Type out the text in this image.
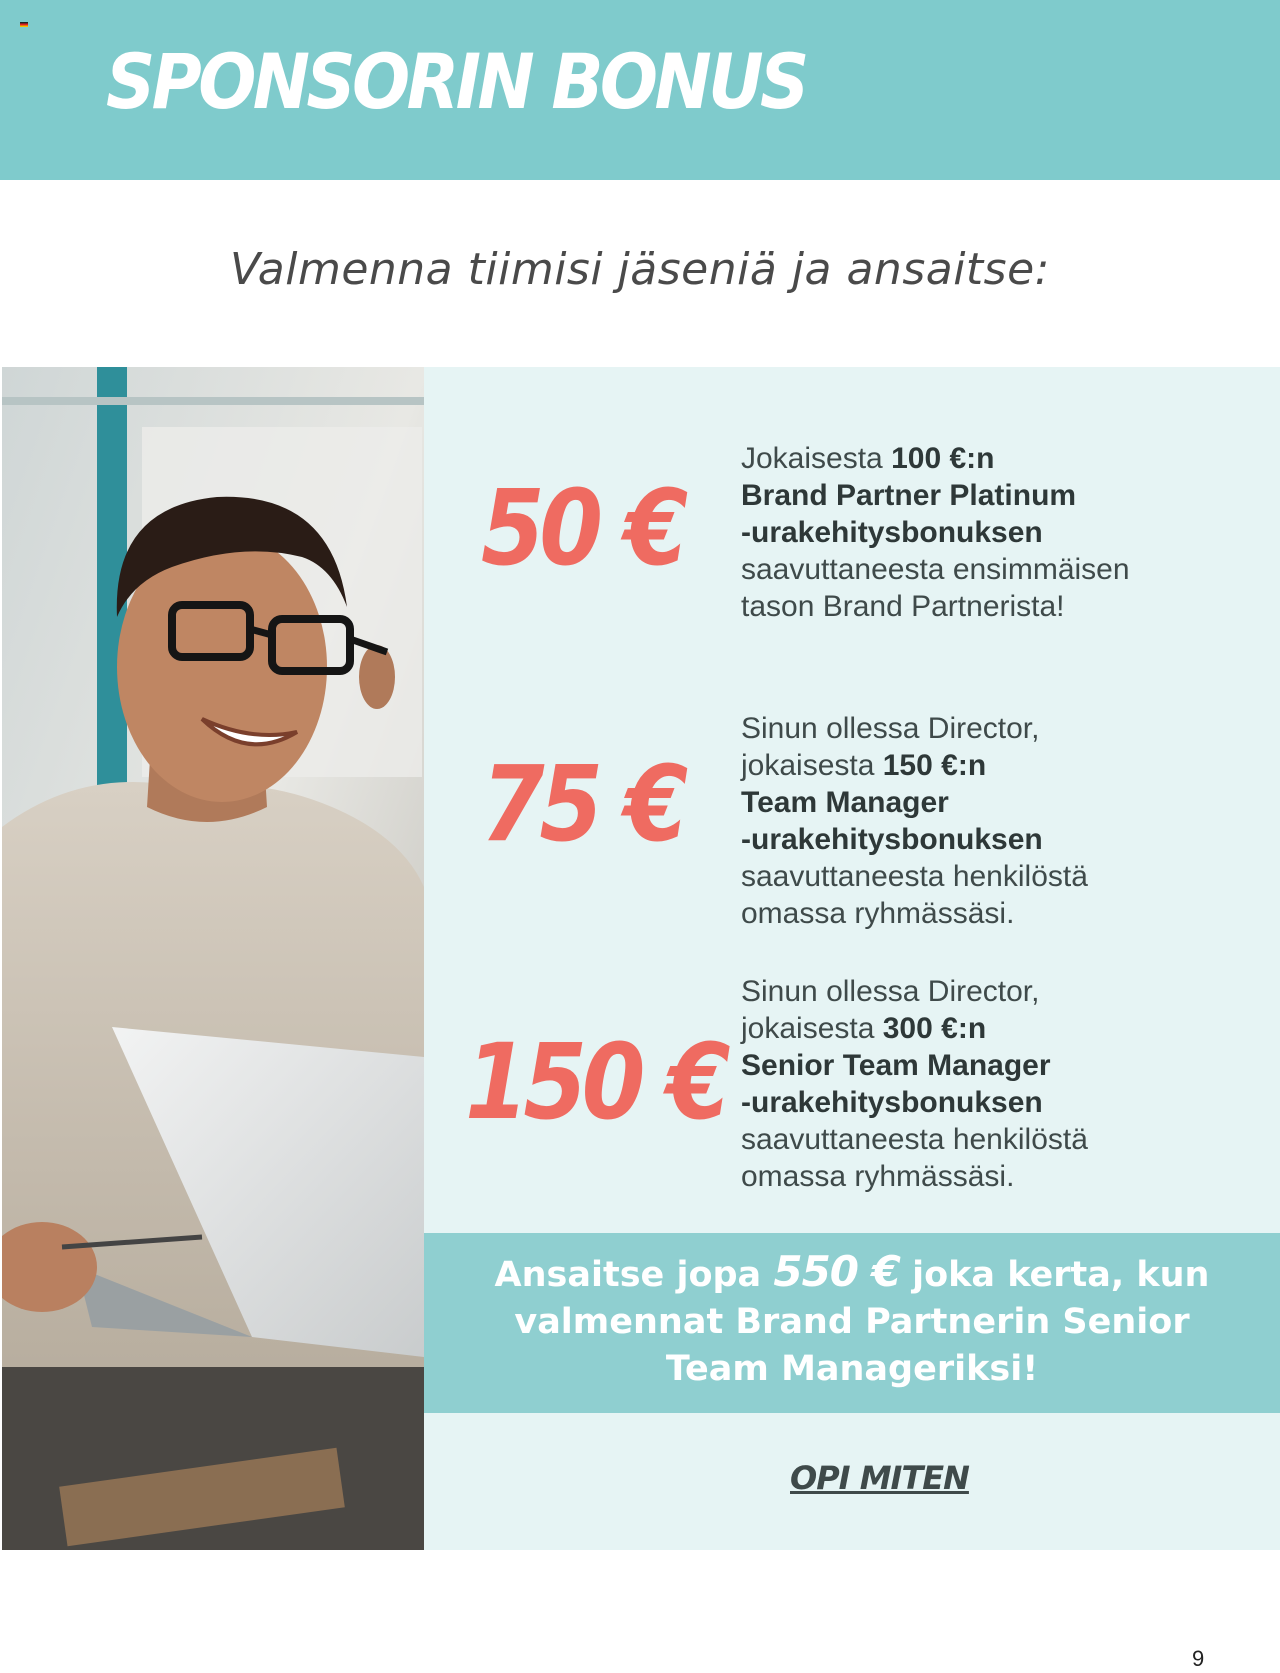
SPONSORIN BONUS
Valmenna tiimisi jäseniä ja ansaitse:
50 €
Jokaisesta 100 €:n
Brand Partner Platinum
-urakehitysbonuksen
saavuttaneesta ensimmäisen
tason Brand Partnerista!
75 €
Sinun ollessa Director,
jokaisesta 150 €:n
Team Manager
-urakehitysbonuksen
saavuttaneesta henkilöstä
omassa ryhmässäsi.
150 €
Sinun ollessa Director,
jokaisesta 300 €:n
Senior Team Manager
-urakehitysbonuksen
saavuttaneesta henkilöstä
omassa ryhmässäsi.
Ansaitse jopa 550 € joka kerta, kun
valmennat Brand Partnerin Senior
Team Manageriksi!
OPI MITEN
9
